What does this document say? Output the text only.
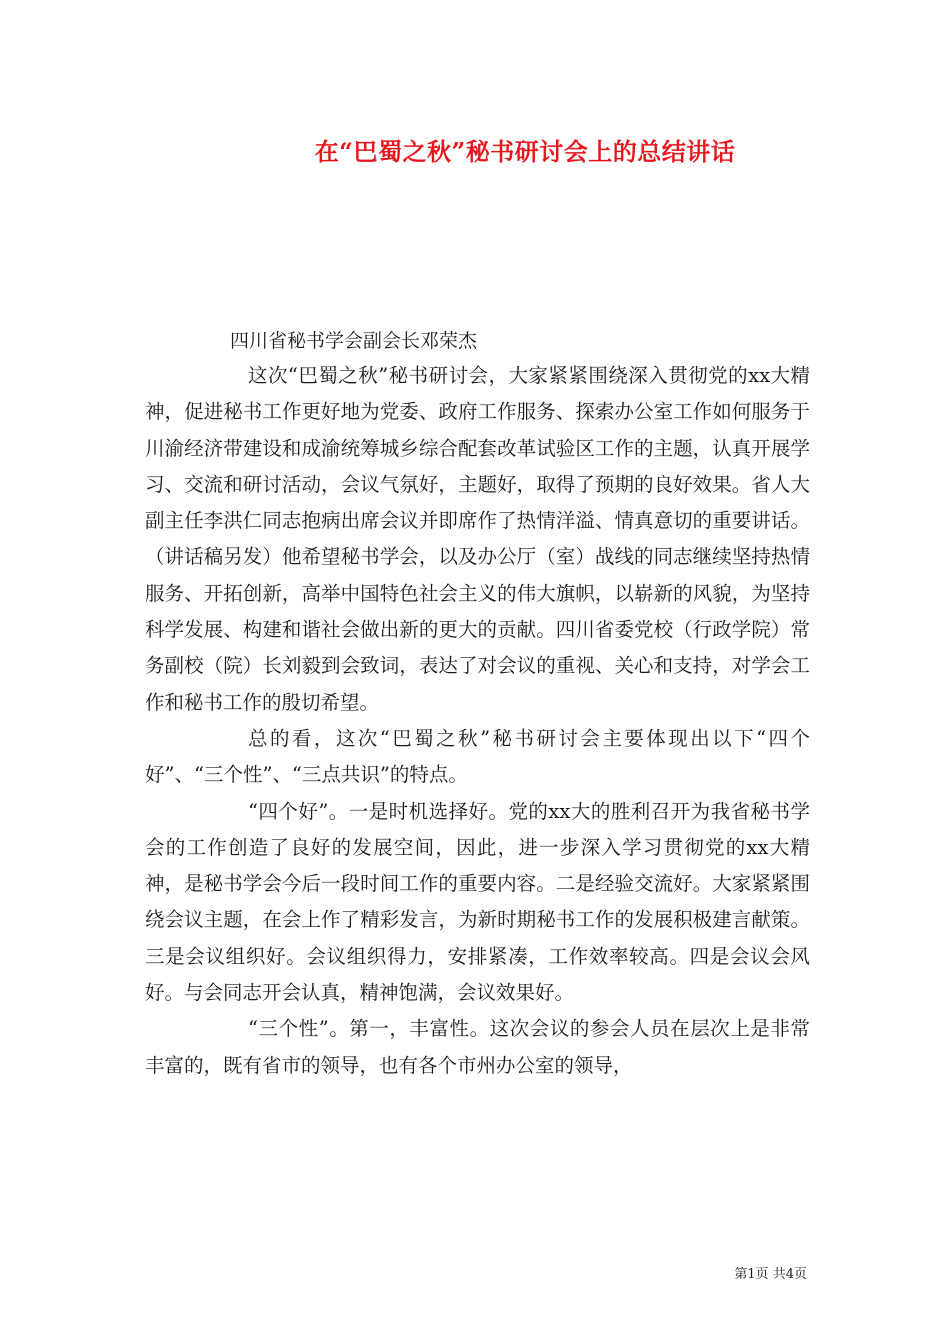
在“巴蜀之秋”秘书研讨会上的总结讲话

四川省秘书学会副会长邓荣杰

这次“巴蜀之秋”秘书研讨会，大家紧紧围绕深入贯彻党的xx大精神，促进秘书工作更好地为党委、政府工作服务、探索办公室工作如何服务于川渝经济带建设和成渝统筹城乡综合配套改革试验区工作的主题，认真开展学习、交流和研讨活动，会议气氛好，主题好，取得了预期的良好效果。省人大副主任李洪仁同志抱病出席会议并即席作了热情洋溢、情真意切的重要讲话。（讲话稿另发）他希望秘书学会，以及办公厅（室）战线的同志继续坚持热情服务、开拓创新，高举中国特色社会主义的伟大旗帜，以崭新的风貌，为坚持科学发展、构建和谐社会做出新的更大的贡献。四川省委党校（行政学院）常务副校（院）长刘毅到会致词，表达了对会议的重视、关心和支持，对学会工作和秘书工作的殷切希望。

总的看，这次“巴蜀之秋”秘书研讨会主要体现出以下“四个好”、“三个性”、“三点共识”的特点。

“四个好”。一是时机选择好。党的xx大的胜利召开为我省秘书学会的工作创造了良好的发展空间，因此，进一步深入学习贯彻党的xx大精神，是秘书学会今后一段时间工作的重要内容。二是经验交流好。大家紧紧围绕会议主题，在会上作了精彩发言，为新时期秘书工作的发展积极建言献策。三是会议组织好。会议组织得力，安排紧凑，工作效率较高。四是会议会风好。与会同志开会认真，精神饱满，会议效果好。

“三个性”。第一，丰富性。这次会议的参会人员在层次上是非常丰富的，既有省市的领导，也有各个市州办公室的领导，

第1页 共4页
